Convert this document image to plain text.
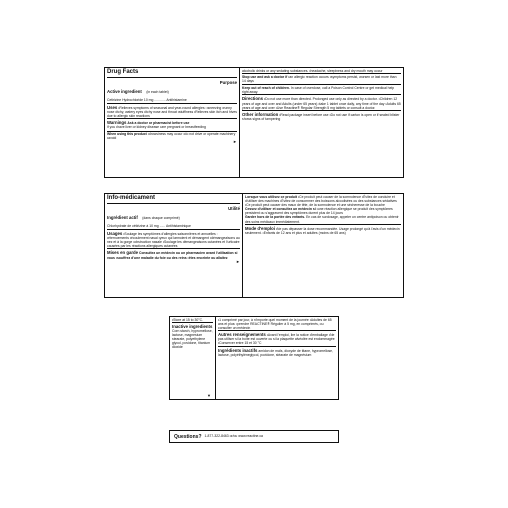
Drug Facts
Active ingredient (in each tablet)
Purpose
Cetirizine Hydrochloride 10 mg ............ Antihistamine
Uses •Relieves symptoms of seasonal and year-round allergies: •sneezing •runny nose •itchy, watery eyes •itchy nose and throat •stuffiness •Relieves skin itch and hives due to allergic skin reactions
Warnings Ask a doctor or pharmacist before use
if you •have liver or kidney disease •are pregnant or breastfeeding
When using this product •drowsiness may occur •do not drive or operate machinery •avoid
►
alcoholic drinks or any sedating substances. •headache, sleepiness and dry mouth may occur
Stop use and ask a doctor if •an allergic reaction occurs •symptoms persist, worsen or last more than 14 days
Keep out of reach of children. In case of overdose, call a Poison Control Centre or get medical help right away.
Directions •Do not use more than directed. Prolonged use only as directed by a doctor. •Children 12 years of age and over and Adults (under 65 years) •take 1 tablet once daily, any time of the day •Adults 65 years of age and over •Use Reactine® Regular Strength 5 mg tablets or consult a doctor.
Other information •Read package insert before use •Do not use if carton is open or if sealed blister shows signs of tampering
Info-médicament
Ingrédient actif (dans chaque comprimé)
Utilité
Chlorhydrate de cétirizine à 10 mg ...... Antihistaminique
Usages •Soulage les symptômes d'allergies saisonnières et annuelles : •éternuements •écoulement nasal •yeux qui larmoient et démangent •démangeaisons au nez et à la gorge •obstruction nasale •Soulage les démangeaisons cutanées et l'urticaire causées par les réactions allergiques cutanées
Mises en garde Consultez un médecin ou un pharmacien avant l'utilisation si vous •souffrez d'une maladie du foie ou des reins •êtes enceinte ou allaitez
►
Lorsque vous utilisez ce produit •Ce produit peut causer de la somnolence •Évitez de conduire et d'utiliser des machines •Évitez de consommer des boissons alcoolisées ou des substances sédatives •Ce produit peut causer des maux de tête, de la somnolence et une sécheresse de la bouche
Cessez d'utiliser et consultez un médecin si •une réaction allergique se produit •les symptômes persistent ou s'aggravent •les symptômes durent plus de 14 jours
Garder hors de la portée des enfants. En cas de surdosage, appeler un centre antipoison ou obtenir des soins médicaux immédiatement.
Mode d'emploi •Ne pas dépasser la dose recommandée. Usage prolongé qu'à l'avis d'un médecin seulement. •Enfants de 12 ans et plus et adultes (moins de 65 ans)
•Store at 15 to 30°C.
Inactive ingredients
Corn starch, hypromellose, lactose, magnesium stearate, polyethylene glycol, povidone, titanium dioxide
•1 comprimé par jour, à n'importe quel moment de la journée •Adultes de 65 ans et plus: •prendre REACTINE® Régulier à 5 mg, en comprimés, ou consulter un médecin
Autres renseignements •Avant l'emploi, lire la notice d'emballage •Ne pas utiliser si la boîte est ouverte ou si la plaquette alvéolée est endommagée •Conserver entre 15 et 30 °C
Ingrédients inactifs amidon de maïs, dioxyde de titane, hypromellose, lactose, polyéthylèneglycol, povidone, stéarate de magnésium
▼
Questions? 1-877-322-8463 or/ou www.reactine.ca
